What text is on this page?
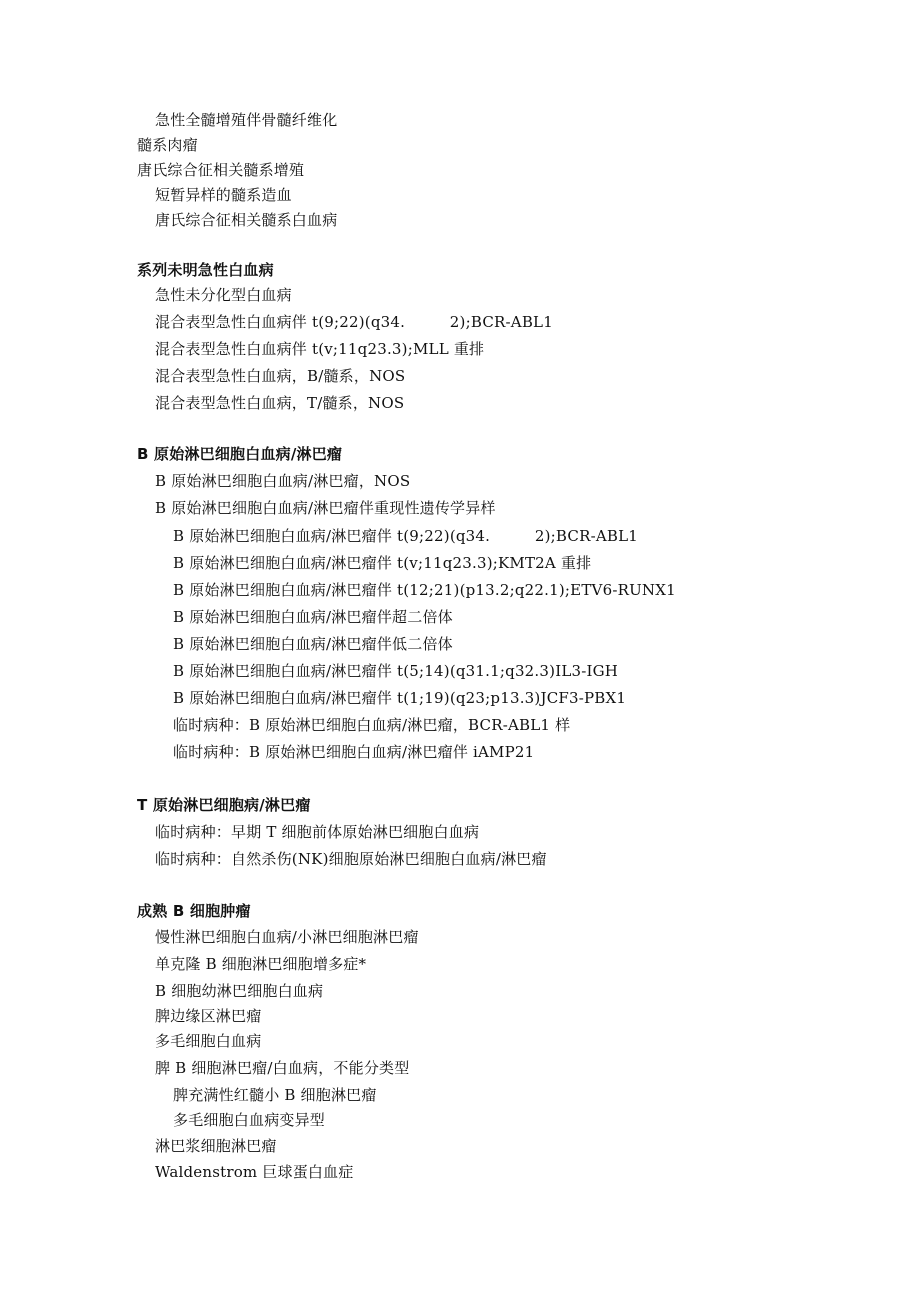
急性全髓增殖伴骨髓纤维化
髓系肉瘤
唐氏综合征相关髓系增殖
短暂异样的髓系造血
唐氏综合征相关髓系白血病
系列未明急性白血病
急性未分化型白血病
混合表型急性白血病伴 t(9;22)(q34.         2);BCR-ABL1
混合表型急性白血病伴 t(v;11q23.3);MLL 重排
混合表型急性白血病，B/髓系，NOS
混合表型急性白血病，T/髓系，NOS
B 原始淋巴细胞白血病/淋巴瘤
B 原始淋巴细胞白血病/淋巴瘤，NOS
B 原始淋巴细胞白血病/淋巴瘤伴重现性遗传学异样
B 原始淋巴细胞白血病/淋巴瘤伴 t(9;22)(q34.         2);BCR-ABL1
B 原始淋巴细胞白血病/淋巴瘤伴 t(v;11q23.3);KMT2A 重排
B 原始淋巴细胞白血病/淋巴瘤伴 t(12;21)(p13.2;q22.1);ETV6-RUNX1
B 原始淋巴细胞白血病/淋巴瘤伴超二倍体
B 原始淋巴细胞白血病/淋巴瘤伴低二倍体
B 原始淋巴细胞白血病/淋巴瘤伴 t(5;14)(q31.1;q32.3)IL3-IGH
B 原始淋巴细胞白血病/淋巴瘤伴 t(1;19)(q23;p13.3)JCF3-PBX1
临时病种：B 原始淋巴细胞白血病/淋巴瘤，BCR-ABL1 样
临时病种：B 原始淋巴细胞白血病/淋巴瘤伴 iAMP21
T 原始淋巴细胞病/淋巴瘤
临时病种：早期 T 细胞前体原始淋巴细胞白血病
临时病种：自然杀伤(NK)细胞原始淋巴细胞白血病/淋巴瘤
成熟 B 细胞肿瘤
慢性淋巴细胞白血病/小淋巴细胞淋巴瘤
单克隆 B 细胞淋巴细胞增多症*
B 细胞幼淋巴细胞白血病
脾边缘区淋巴瘤
多毛细胞白血病
脾 B 细胞淋巴瘤/白血病，不能分类型
脾充满性红髓小 B 细胞淋巴瘤
多毛细胞白血病变异型
淋巴浆细胞淋巴瘤
Waldenstrom 巨球蛋白血症
